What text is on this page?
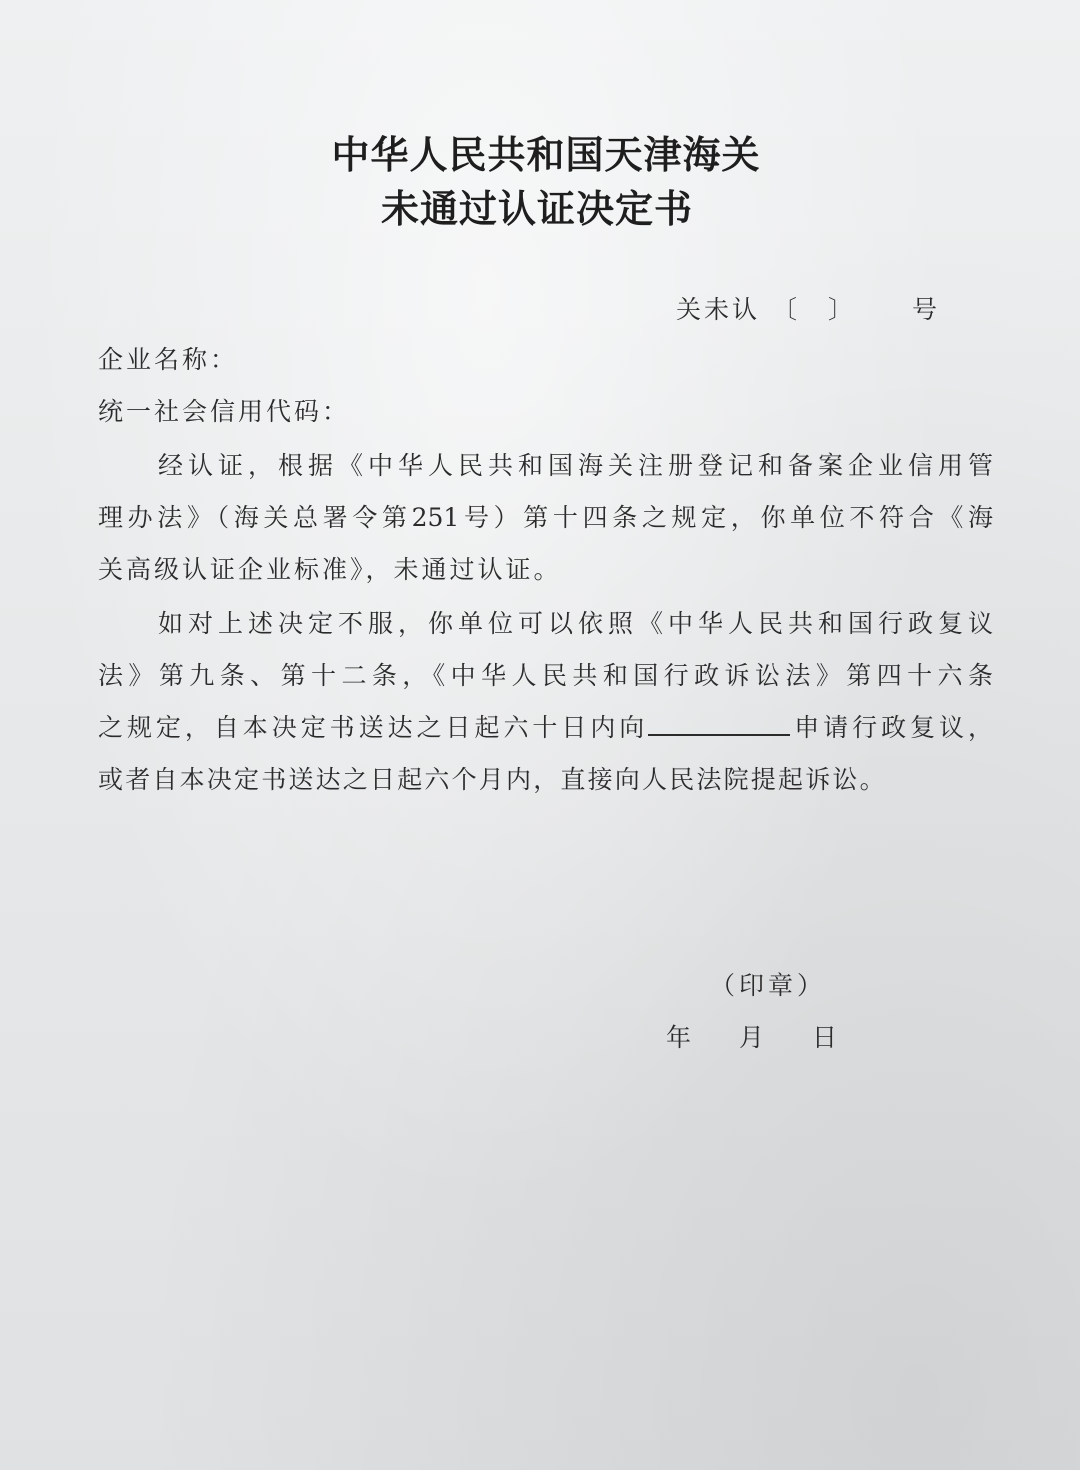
中华人民共和国天津海关
未通过认证决定书
关未认 〔 〕 号
企业名称：
统一社会信用代码：
经认证，根据《中华人民共和国海关注册登记和备案企业信用管
理办法》（海关总署令第251号）第十四条之规定，你单位不符合《海
关高级认证企业标准》，未通过认证。
如对上述决定不服，你单位可以依照《中华人民共和国行政复议
法》第九条、第十二条，《中华人民共和国行政诉讼法》第四十六条
之规定，自本决定书送达之日起六十日内向	申请行政复议，
或者自本决定书送达之日起六个月内，直接向人民法院提起诉讼。
（印章）
年 月 日
